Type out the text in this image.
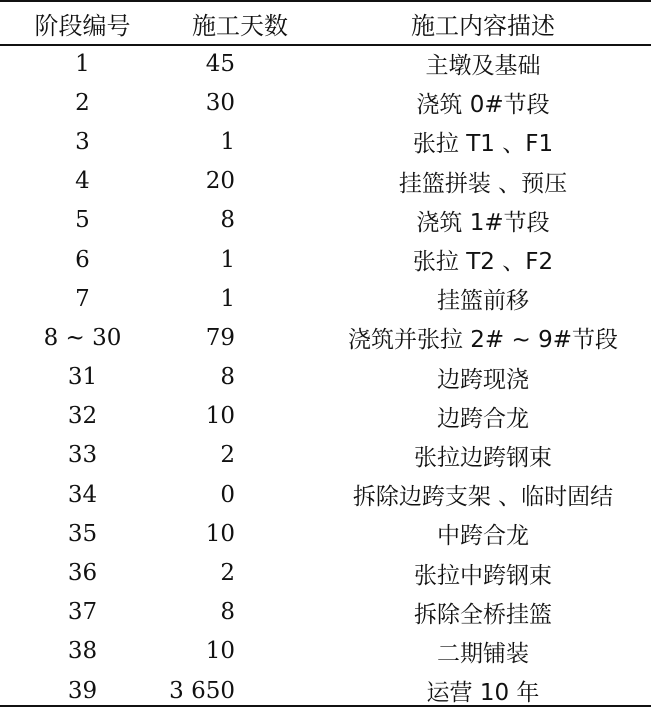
阶段编号	施工天数	施工内容描述
1	45	主墩及基础
2	30	浇筑 0#节段
3	1	张拉 T1 、F1
4	20	挂篮拼装 、预压
5	8	浇筑 1#节段
6	1	张拉 T2 、F2
7	1	挂篮前移
8 ~ 30	79	浇筑并张拉 2# ~ 9#节段
31	8	边跨现浇
32	10	边跨合龙
33	2	张拉边跨钢束
34	0	拆除边跨支架 、临时固结
35	10	中跨合龙
36	2	张拉中跨钢束
37	8	拆除全桥挂篮
38	10	二期铺装
39	3 650	运营 10 年
